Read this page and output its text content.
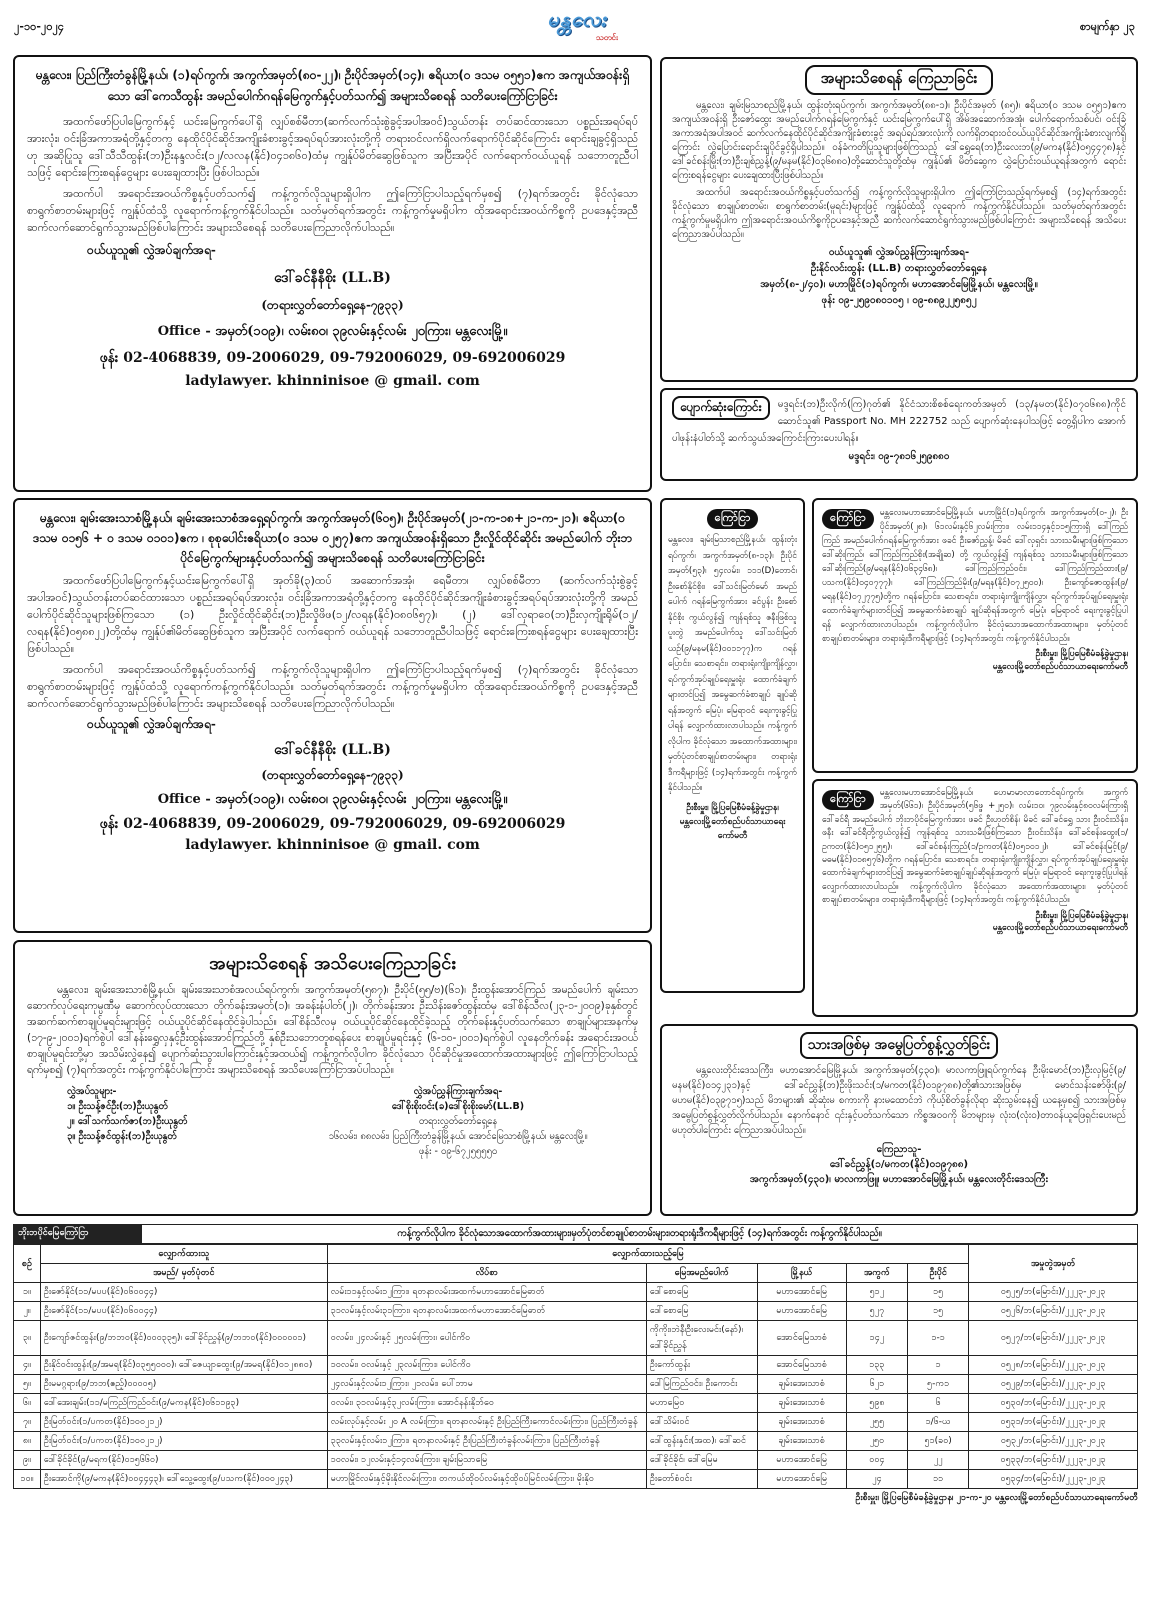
၂-၁၀-၂၀၂၄	မန္တလေး
သတင်း
စာမျက်နှာ ၂၃
မန္တလေး၊ ပြည်ကြီးတံခွန်မြို့နယ်၊ (၁)ရပ်ကွက်၊ အကွက်အမှတ်(၈၀-၂၂)၊ ဦးပိုင်အမှတ်(၁၄)၊ ဧရိယာ(၀ ဒသမ ၀၅၅၁)ဧက အကျယ်အဝန်းရှိသော ဒေါ်ကေသီထွန်း အမည်ပေါက်ဂရန်မြေကွက်နှင့်ပတ်သက်၍ အများသိစေရန် သတိပေးကြော်ငြာခြင်း
အထက်ဖော်ပြပါမြေကွက်နှင့် ယင်းမြေကွက်ပေါ်ရှိ လျှပ်စစ်မီတာ(ဆက်လက်သုံးစွဲခွင့်အပါအဝင်)သွယ်တန်း တပ်ဆင်ထားသော ပစ္စည်းအရပ်ရပ်အားလုံး၊ ဝင်းခြံအကာအရံတို့နှင့်တကွ နေထိုင်ပိုင်ဆိုင်အကျိုးခံစားခွင့်အရပ်ရပ်အားလုံးတို့ကို တရားဝင်လက်ရှိလက်ရောက်ပိုင်ဆိုင်ကြောင်း ရောင်းချခွင့်ရှိသည်ဟု အဆိုပြုသူ ဒေါ်သီသီထွန်း(ဘ)ဦးနန္ဒလင်း(၁၂/လလန(နိုင်)၀၄၁၈၆၀)ထံမှ ကျွန်ုပ်မိတ်ဆွေဖြစ်သူက အပြီးအပိုင် လက်ရောက်ဝယ်ယူရန် သဘောတူညီပါသဖြင့် ရောင်းကြေးစရန်ငွေများ ပေးချေထားပြီး ဖြစ်ပါသည်။
အထက်ပါ အရောင်းအဝယ်ကိစ္စနှင့်ပတ်သက်၍ ကန့်ကွက်လိုသူများရှိပါက ဤကြော်ငြာပါသည့်ရက်မှစ၍ (၇)ရက်အတွင်း ခိုင်လုံသော စာရွက်စာတမ်းများဖြင့် ကျွန်ုပ်ထံသို့ လူရောက်ကန့်ကွက်နိုင်ပါသည်။ သတ်မှတ်ရက်အတွင်း ကန့်ကွက်မှုမရှိပါက ထိုအရောင်းအဝယ်ကိစ္စကို ဥပဒေနှင့်အညီ ဆက်လက်ဆောင်ရွက်သွားမည်ဖြစ်ပါကြောင်း အများသိစေရန် သတိပေးကြေညာလိုက်ပါသည်။
ဝယ်ယူသူ၏ လွှဲအပ်ချက်အရ-
ဒေါ်ခင်နီနီစိုး (LL.B)
(တရားလွှတ်တော်ရှေ့နေ-၇၉၃၃)
Office - အမှတ်(၁၀၉)၊ လမ်း၈၀၊ ၃၉လမ်းနှင့်လမ်း ၂၀ကြား၊ မန္တလေးမြို့။
ဖုန်း 02-4068839, 09-2006029, 09-792006029, 09-692006029
ladylawyer. khinninisoe @ gmail. com
မန္တလေး၊ ချမ်းအေးသာစံမြို့နယ်၊ ချမ်းအေးသာစံအရှေ့ရပ်ကွက်၊ အကွက်အမှတ်(၆၀၅)၊ ဦးပိုင်အမှတ်(၂၁-က-၁၈+၂၁-က-၂၁)၊ ဧရိယာ(၀ ဒသမ ၀၁၅၆ + ၀ ဒသမ ၀၁၀၁)ဧက ၊ စုစုပေါင်းဧရိယာ(၀ ဒသမ ၀၂၅၇)ဧက အကျယ်အဝန်းရှိသော ဦးလှိုင်ထိုင်ဆိုင်း အမည်ပေါက် ဘိုးဘပိုင်မြေကွက်များနှင့်ပတ်သက်၍ အများသိစေရန် သတိပေးကြော်ငြာခြင်း
အထက်ဖော်ပြပါမြေကွက်နှင့်ယင်းမြေကွက်ပေါ်ရှိ အုတ်ခို(၃)ထပ် အဆောက်အအုံ၊ ရေမီတာ၊ လျှပ်စစ်မီတာ (ဆက်လက်သုံးစွဲခွင့်အပါအဝင်)သွယ်တန်းတပ်ဆင်ထားသော ပစ္စည်းအရပ်ရပ်အားလုံး၊ ဝင်းခြံအကာအရံတို့နှင့်တကွ နေထိုင်ပိုင်ဆိုင်အကျိုးခံစားခွင့်အရပ်ရပ်အားလုံးတို့ကို အမည်ပေါက်ပိုင်ဆိုင်သူများဖြစ်ကြသော (၁) ဦးလှိုင်ထိုင်ဆိုင်း(ဘ)ဦးလှိုဖိဖ(၁၂/လရန(နိုင်)၀၈၀၆၅၇)၊ (၂) ဒေါ်လှရာဝေ(ဘ)ဦးလှကျိုးရိုမ်(၁၂/လရန(နိုင်)၀၅၈၈၂၂)တို့ထံမှ ကျွန်ုပ်၏မိတ်ဆွေဖြစ်သူက အပြီးအပိုင် လက်ရောက် ဝယ်ယူရန် သဘောတူညီပါသဖြင့် ရောင်းကြေးစရန်ငွေများ ပေးချေထားပြီးဖြစ်ပါသည်။
အထက်ပါ အရောင်းအဝယ်ကိစ္စနှင့်ပတ်သက်၍ ကန့်ကွက်လိုသူများရှိပါက ဤကြော်ငြာပါသည့်ရက်မှစ၍ (၇)ရက်အတွင်း ခိုင်လုံသော စာရွက်စာတမ်းများဖြင့် ကျွန်ုပ်ထံသို့ လူရောက်ကန့်ကွက်နိုင်ပါသည်။ သတ်မှတ်ရက်အတွင်း ကန့်ကွက်မှုမရှိပါက ထိုအရောင်းအဝယ်ကိစ္စကို ဥပဒေနှင့်အညီ ဆက်လက်ဆောင်ရွက်သွားမည်ဖြစ်ပါကြောင်း အများသိစေရန် သတိပေးကြေညာလိုက်ပါသည်။
ဝယ်ယူသူ၏ လွှဲအပ်ချက်အရ-
ဒေါ်ခင်နီနီစိုး (LL.B)
(တရားလွှတ်တော်ရှေ့နေ-၇၉၃၃)
Office - အမှတ်(၁၀၉)၊ လမ်း၈၀၊ ၃၉လမ်းနှင့်လမ်း ၂၀ကြား၊ မန္တလေးမြို့။
ဖုန်း 02-4068839, 09-2006029, 09-792006029, 09-692006029
ladylawyer. khinninisoe @ gmail. com
အများသိစေရန် အသိပေးကြေညာခြင်း
မန္တလေး၊ ချမ်းအေးသာစံမြို့နယ်၊ ချမ်းအေးသာစံအလယ်ရပ်ကွက်၊ အကွက်အမှတ်(၅၈၇)၊ ဦးပိုင်(၅၅/ဗ)(၆၁)၊ ဦးထွန်းအောင်ကြည် အမည်ပေါက် ချမ်းသာဆောက်လုပ်ရေးကုမ္ပဏီမှ ဆောက်လုပ်ထားသော တိုက်ခန်းအမှတ်(၁)၊ အခန်းနံပါတ်(၂)၊ တိုက်ခန်းအား ဦးသိန်းဇော်ထွန်းထံမှ ဒေါ်စိန်သီလ(၂၃-၁-၂၀၀၉)ခုနှစ်တွင် အဆက်ဆက်စာချုပ်မူရင်းများဖြင့် ဝယ်ယူပိုင်ဆိုင်နေထိုင်ခဲ့ပါသည်။ ဒေါ်စိန်သီလမှ ဝယ်ယူပိုင်ဆိုင်နေထိုင်ခဲ့သည့် တိုက်ခန်းနှင့်ပတ်သက်သော စာချုပ်များအနက်မှ (၁၇-၉-၂၀၀၁)ရက်စွဲပါ ဒေါ်နန်းရွှေလှနှင့်ဦးထွန်းအောင်ကြည်တို့ နှစ်ဦးသဘောတူစရန်ပေး စာချုပ်မူရင်းနှင့် (၆-၁၀-၂၀၀၁)ရက်စွဲပါ လူနေတိုက်ခန်း အရောင်းအဝယ်စာချုပ်မူရင်းတို့မှာ အသိမ်းလွှဲနေ၍ ပျောက်ဆုံးသွားပါကြောင်းနှင့်အထယ်၍ ကန့်ကွက်လိုပါက ခိုင်လုံသော ပိုင်ဆိုင်မှုအထောက်အထားများဖြင့် ဤကြော်ငြာပါသည့်ရက်မှစ၍ (၇)ရက်အတွင်း ကန့်ကွက်နိုင်ပါကြောင်း အများသိစေရန် အသိပေးကြော်ငြာအပ်ပါသည်။
လွှဲအပ်သူများ-
၁။ ဦးသန့်ဇင်ဦး(ဘ)ဦးယုနွတ်
၂။ ဒေါ်သက်သက်ဇာ(ဘ)ဦးယုနွတ်
၃။ ဦးသန့်ဇင်ထွန်း(ဘ)ဦးယုနွတ်
လွှဲအပ်ညွှန်ကြားချက်အရ-
ဒေါ်စိုးစိုးဝင်း(ခ)ဒေါ်စိုးစိုးမော်(LL.B)
တရားလွှတ်တော်ရှေ့နေ
၁၆လမ်း၊ ၈၈လမ်း၊ ပြည်ကြီးတံခွန်မြို့နယ်၊ အောင်မြေသာစံမြို့နယ်၊ မန္တလေးမြို့။
ဖုန်း - ၀၉-၆၇၂၅၅၅၅၀
အများသိစေရန် ကြေညာခြင်း
မန္တလေး၊ ချမ်းမြသာစည်မြို့နယ်၊ ထွန်းတုံးရပ်ကွက်၊ အကွက်အမှတ်(၈၈-၁)၊ ဦးပိုင်အမှတ် (၈၅)၊ ဧရိယာ(၀ ဒသမ ၀၅၅၁)ဧက အကျယ်အဝန်းရှိ ဦးဇော်ထွေး အမည်ပေါက်ဂရန်မြေကွက်နှင့် ယင်းမြေကွက်ပေါ်ရှိ အိမ်အဆောက်အအုံ၊ ပေါက်ရောက်သစ်ပင်၊ ဝင်းခြံအကာအရံအပါအဝင် ဆက်လက်နေထိုင်ပိုင်ဆိုင်အကျိုးခံစားခွင့် အရပ်ရပ်အားလုံးကို လက်ရှိတရားဝင်ဝယ်ယူပိုင်ဆိုင်အကျိုးခံစားလျက်ရှိကြောင်း လွှဲပြောင်းရောင်းချပိုင်ခွင့်ရှိပါသည်။ ဝန်ခံကတိပြုသူများဖြစ်ကြသည့် ဒေါ်ရွှေရေ(ဘ)ဦးလေးဘ(၉/မကန(နိုင်)၀၅၄၄၇၈)နှင့် ဒေါ်ခင်စန်းမြိုး(ဘ)ဦးချစ်ညွှန့်(၉/မနမ(နိုင်)၀၃၆၈၈၀)တို့ဆောင်သူတို့ထံမှ ကျွန်ုပ်၏ မိတ်ဆွေက လွှဲပြောင်းဝယ်ယူရန်အတွက် ရောင်းကြေးစရန်ငွေများ ပေးချေထားပြီးဖြစ်ပါသည်။
အထက်ပါ အရောင်းအဝယ်ကိစ္စနှင့်ပတ်သက်၍ ကန့်ကွက်လိုသူများရှိပါက ဤကြော်ငြာသည့်ရက်မှစ၍ (၁၄)ရက်အတွင်း ခိုင်လုံသော စာချုပ်စာတမ်း၊ စာရွက်စာတမ်း(မူရင်း)များဖြင့် ကျွန်ုပ်ထံသို့ လူရောက် ကန့်ကွက်နိုင်ပါသည်။ သတ်မှတ်ရက်အတွင်း ကန့်ကွက်မှုမရှိပါက ဤအရောင်းအဝယ်ကိစ္စကိုဥပဒေနှင့်အညီ ဆက်လက်ဆောင်ရွက်သွားမည်ဖြစ်ပါကြောင်း အများသိစေရန် အသိပေးကြေညာအပ်ပါသည်။
ဝယ်ယူသူ၏ လွှဲအပ်ညွှန်ကြားချက်အရ-
ဦးနိုင်လင်းထွန်း (LL.B) တရားလွှတ်တော်ရှေ့နေ
အမှတ်(၈-၂/၄၀)၊ မဟာမြိုင်(၁)ရပ်ကွက်၊ မဟာအောင်မြေမြို့နယ်၊ မန္တလေးမြို့။
ဖုန်း ၀၉-၂၅၉၀၈၀၁၀၅ ၊ ၀၉-၈၈၉၂၂၅၈၅၂
ပျောက်ဆုံးကြောင်း	မဒ္ဒရင်း(ဘ)ဦးလိုက်(ကြ)ဂုတ်၏ နိုင်ငံသားစိစစ်ရေးကတ်အမှတ် (၁၃/နမတ(နိုင်)၀၇၀၆၈၈)ကိုင်ဆောင်သူ၏ Passport No. MH 222752 သည် ပျောက်ဆုံးနေပါသဖြင့် တွေ့ရှိပါက အောက်ပါဖုန်းနံပါတ်သို့ ဆက်သွယ်အကြောင်းကြားပေးပါရန်။
မဒ္ဒရင်း၊ ၀၉-၇၈၁၆၂၅၉၈၈၀
ကြော်ငြာ
မန္တလေး၊ ချမ်းမြသာစည်မြို့နယ်၊ ထွန်းတုံးရပ်ကွက်၊ အကွက်အမှတ်(၈-၁၃)၊ ဦးပိုင်အမှတ်(၅၃)၊ ၅၄လမ်း၊ ၁၁၁(D)တောင်၊ ဦးစော်နိုင်စိုး၊ ဒေါ်သင်းမြတ်မော် အမည်ပေါက် ဂရန်မြေကွက်အား ခင်ပွန်း ဦးစော်နိုင်စိုး ကွယ်လွန်၍ ကျန်ရစ်သူ ဇနီးဖြစ်သူ ပူးတွဲ အမည်ပေါက်သူ ဒေါ်သင်းမြတ်ယဉ်(၉/မနမ(နိုင်)၀၀၁၁၇၇)က ဂရန်ပြောင်း၊ သေစာရင်း၊ တရားရုံးကျိုးကျိန်လွှာ၊ ရပ်ကွက်အုပ်ချုပ်ရေးမှူးရုံး ထောက်ခံချက်များတင်ပြ၍ အမွေဆက်ခံစာချုပ် ချုပ်ဆိုရန်အတွက် မြေပုံ၊ မြေရာဝင် ရေးကူးခွင့်ပြုပါရန် လျှောက်ထားလာပါသည်။ ကန့်ကွက်လိုပါက ခိုင်လုံသော အထောက်အထားများ၊ မှတ်ပုံတင်စာချုပ်စာတမ်းများ၊ တရားရုံး ဒီကရီများဖြင့် (၁၄)ရက်အတွင်း ကန့်ကွက်နိုင်ပါသည်။
ဦးစီးမှူး၊ မြို့ပြမြေစီမံခန့်ခွဲမှုဌာန၊
မန္တလေးမြို့တော်စည်ပင်သာယာရေးကော်မတီ
ကြော်ငြာ	မန္တလေးမဟာအောင်မြေမြို့နယ်၊ မဟာမြိုင်(၁)ရပ်ကွက်၊ အကွက်အမှတ်(၀-၂)၊ ဦးပိုင်အမှတ်(၂၈)၊ ၆၁လမ်းနှင့်၆၂လမ်းကြား၊ လမ်း၁၁၄နှင့်၁၁၅ကြားရှိ ဒေါ်ကြည်ကြည် အမည်ပေါက်ဂရန်မြေကွက်အား ဖခင် ဦးဇော်ညွှန့်၊ မိခင် ဒေါ်လှရှင်း သားသမီးများဖြစ်ကြသော ဒေါ်ဆိုးကြည်၊ ဒေါ်ကြည်ကြည်စိုး(အချိုဆ) တို့ ကွယ်လွန်၍ ကျန်ရစ်သူ သားသမီးများဖြစ်ကြသော ဒေါ်ဆိုးကြည်(၉/မရန(နိုင်)၀၆၃၄၆၈)၊ ဒေါ်ကြည်ကြည်ဝင်း၊ ဒေါ်ကြည်ကြည်ထား(၉/ပသက(နိုင်)၀၄၀၇၇၇)၊ ဒေါ်ကြည်ကြည်မိုး(၉/မရန(နိုင်)၀၇၂၅၀၀)၊ ဦးကျော်ဇောထွန်း(၉/မရန(နိုင်)၀၇၂၇၇၅)တို့က ဂရန်ပြောင်း၊ သေစာရင်း၊ တရားရုံးကျိုးကျိန်လွှာ၊ ရပ်ကွက်အုပ်ချုပ်ရေးမှူးရုံး ထောက်ခံချက်များတင်ပြ၍ အမွေဆက်ခံစာချုပ် ချုပ်ဆိုရန်အတွက် မြေပုံ၊ မြေရာဝင် ရေးကူးခွင့်ပြုပါရန် လျှောက်ထားလာပါသည်။ ကန့်ကွက်လိုပါက ခိုင်လုံသောအထောက်အထားများ၊ မှတ်ပုံတင်စာချုပ်စာတမ်းများ၊ တရားရုံးဒီကရီများဖြင့် (၁၄)ရက်အတွင်း ကန့်ကွက်နိုင်ပါသည်။
ဦးစီးမှူး၊ မြို့ပြမြေစီမံခန့်ခွဲမှုဌာန၊
မန္တလေးမြို့တော်စည်ပင်သာယာရေးကော်မတီ
ကြော်ငြာ	မန္တလေးမဟာအောင်မြေမြို့နယ်၊ ဟေမာမာလာတောင်ရပ်ကွက်၊ အကွက်အမှတ်(၆၆၁)၊ ဦးပိုင်အမှတ်(၅၆ဖ္ဖ +၂၅ဝ)၊ လမ်း၁၀၊ ၇၉လမ်းနှင့်၈၀လမ်းကြားရှိ ဒေါ်ခင်ရီ အမည်ပေါက် ဘိုးဘပိုင်မြေကွက်အား ဖခင် ဦးဟုတ်စိန်၊ မိခင် ဒေါ်ခင်ရွှေ သား ဦးဝင်းသိန်း၊ ဖနီး ဒေါ်ခင်ရီတို့ကွယ်လွန်၍ ကျန်ရစ်သူ သားသမီးဖြစ်ကြသော ဦးဝင်းသိန်း၊ ဒေါ်ခင်စန်းထွေး(၁/ဥကတ(နိုင်)၀၅၁၂၅၅)၊ ဒေါ်ခင်စန်းကြည်(၁/ဥကတ(နိုင်)၀၅၁၀၁၂)၊ ဒေါ်ခင်စန်းမြင့်(၉/မဓမ(နိုင်)၀၁၈၅၇၆)တို့က ဂရန်ပြောင်း၊ သေစာရင်း၊ တရားရုံးကျိုးကျိန်လွှာ၊ ရပ်ကွက်အုပ်ချုပ်ရေးမှူးရုံး ထောက်ခံချက်များတင်ပြ၍ အမွေဆက်ခံစာချုပ်ချုပ်ဆိုရန်အတွက် မြေပုံ၊ မြေရာဝင် ရေးကူးခွင့်ပြုပါရန် လျှောက်ထားလာပါသည်။ ကန့်ကွက်လိုပါက ခိုင်လုံသော အထောက်အထားများ၊ မှတ်ပုံတင်စာချုပ်စာတမ်းများ၊ တရားရုံးဒီကရီများဖြင့် (၁၄)ရက်အတွင်း ကန့်ကွက်နိုင်ပါသည်။
ဦးစီးမှူး၊ မြို့ပြမြေစီမံခန့်ခွဲမှုဌာန၊
မန္တလေးမြို့တော်စည်ပင်သာယာရေးကော်မတီ
သားအဖြစ်မှ အမွေပြတ်စွန့်လွှတ်ခြင်း
မန္တလေးတိုင်းဒေသကြီး၊ မဟာအောင်မြေမြို့နယ်၊ အကွက်အမှတ်(၄၃၀)၊ မာလကာဖြူရပ်ကွက်နေ ဦးမိုးမောင်(ဘ)ဦးလှမြင့်(၉/မနမ(နိုင်)၀၁၄၂၃၁)နှင့် ဒေါ်ခင်ညွှန့်(ဘ)ဦးဖိုးသင်း(၁/မကတ(နိုင်)၀၁၉၇၈၈)တို့၏သားအဖြစ်မှ မောင်သန်းဇော်ဖိုး(၉/မဟမ(နိုင်)၀၃၉၇၁၅)သည် မိဘများ၏ ဆိုဆုံးမ စကားကို နားမထောင်ဘဲ ကိုယ့်စိတ်ခွန်လိုရာ ဆိုးသွမ်းနေ၍ ယနေ့မှစ၍ သားအဖြစ်မှ အမွေပြတ်စွန့်လွှတ်လိုက်ပါသည်။ နောက်နောင် ၎င်းနှင့်ပတ်သက်သော ကိစ္စအဝဝကို မိဘများမှ လုံးဝ(လုံး၀)တာဝန်ယူဖြေရှင်းပေးမည်မဟုတ်ပါကြောင်း ကြေညာအပ်ပါသည်။
ကြေညာသူ-
ဒေါ်ခင်ညွှန့်(၁/မကတ(နိုင်)၀၁၉၇၈၈)
အကွက်အမှတ်(၄၃၀)၊ မာလကာဖြူ၊ မဟာအောင်မြေမြို့နယ်၊ မန္တလေးတိုင်းဒေသကြီး
ဘိုးဘပိုင်မြေကြော်ငြာ	ကန့်ကွက်လိုပါက ခိုင်လုံသောအထောက်အထားများ၊မှတ်ပုံတင်စာချုပ်စာတမ်းများ၊တရားရုံးဒီကရီများဖြင့် (၁၄)ရက်အတွင်း ကန့်ကွက်နိုင်ပါသည်။
စဉ်	လျှောက်ထားသူ	လျှောက်ထားသည့်မြေ					အမှုတွဲအမှတ်
	အမည်/ မှတ်ပုံတင်	လိပ်စာ	မြေအမည်ပေါက်	မြို့နယ်	အကွက်	ဦးပိုင်	
၁။	ဦးဇော်နိုင်(၁၁/မပပ(နိုင်)၀၆၀၀၄၄)	လမ်း၁၁နှင့်လမ်း၁၂ကြား၊ ရတနာလမ်းအထက်မဟာအောင်မြေဓာတ်	ဒေါ်စောမြေ	မဟာအောင်မြေ	၅၁၂	၁၅	၀၅၂၅/ဘ(မြောင်း)/၂၂၂၃-၂၀၂၃
၂။	ဦးဇော်နိုင်(၁၁/မပပ(နိုင်)၀၆၀၀၄၄)	၃၁လမ်းနှင့်လမ်း၃၁ကြား၊ ရတနာလမ်းအထက်မဟာအောင်မြေဓာတ်	ဒေါ်စောမြေ	မဟာအောင်မြေ	၅၂၇	၁၅	၀၅၂၆/ဘ(မြောင်း)/၂၂၂၃-၂၀၂၃
၃။	ဦးကျော်ဇင်ထွန်း(၉/ဘဘဝ(နိုင်)၀၀၀၃၃၅)၊ ဒေါ်ခိုင်ညွှန်(၉/ဘဘဝ(နိုင်)၀၀၀၀၀၁)	ဝလမ်း၊ ၂၄လမ်းနှင့် ၂၅လမ်းကြား၊ ပေါင်ကိဝ	ကိုကိုး၊ဘဲနီ၊ဦးလေးမင်း(နော်)၊ ဒေါ်ခိုင်ညွှန်	အောင်မြေသာစံ	၁၄၂	၁-၁	၀၅၂၇/ဘ(မြောင်း)/၂၂၂၃-၂၀၂၃
၄။	ဦးနိုင်ဝင်းထွန်း(၉/အမရ(နိုင်)၀၃၅၅၀၀၀)၊ ဒေါ်ဇေယျာထွေး(၉/အမရ(နိုင်)၀၁၂၈၈၀)	၁၀လမ်း၊ ဝလမ်းနှင့် ၂၃လမ်းကြား၊ ပေါင်ကိဝ	ဦးကော်ထွန်း	အောင်မြေသာစံ	၁၃၃	၁	၀၅၂၈/ဘ(မြောင်း)/၂၂၂၃-၂၀၂၃
၅။	ဦးမမဂ္ဂရား(၉/ဘဘ(ဧည့်)၀၀၀၀၅)	၂၄လမ်းနှင့်လမ်း၁၂ကြား၊ ၂၁လမ်း၊ ပေါ်ဘာမ	ဒေါ်မြကြည်ဝင်း၊ ဦးကောင်း	ချမ်းအေးသာစံ	၆၂၁	၅-က၁	၀၅၂၉/ဘ(မြောင်း)/၂၂၂၃-၂၀၂၃
၆။	ဒေါ်အေးချမ်း(၁၁/မကြည်ကြည်ဝင်း(၉/မကန(နိုင်)၀၆၁၁၉၃)	ဝလမ်း၊ ၃၁လမ်းနှင့်၃၂လမ်းကြား၊ အောင်နန်းနိုဘ်ဝေ	မဟာမြေဝ	ချမ်းအေးသာစံ	၅၉၈	၆	၀၅၃၀/ဘ(မြောင်း)/၂၂၂၃-၂၀၂၃
၇။	ဦးမြတ်ဝင်း(၁/ပကတ(နိုင်)၁၀၀၂၁၂)	လမ်းလုပ်နှင့်လမ်း ၂၀ A လမ်းကြား၊ ရတနာလမ်းနှင့် ဦးပြည်ကြီးကောင်လမ်းကြား၊ ပြည်ကြီးတံခွန်	ဒေါ်သိမ်းဝင်	ချမ်းအေးသာစံ	၂၅၅	၁/၆-ယ	၀၅၃၁/ဘ(မြောင်း)/၂၂၂၃-၂၀၂၃
၈။	ဦးမြတ်ဝင်း(၁/ပကတ(နိုင်)၁၀၀၂၁၂)	၃၃လမ်းနှင့်လမ်း၁၂ကြား၊ ရတနာလမ်းနှင့် ဦးပြည်ကြီးတံခွန်လမ်းကြား၊ ပြည်ကြီးတံခွန်	ဒေါ်ထွန်းနှင်း(အထ)၊ ဒေါ်ဆင်	ချမ်းအေးသာစံ	၂၅၀	၅၁(ခ၀)	၀၅၃၂/ဘ(မြောင်း)/၂၂၂၃-၂၀၂၃
၉။	ဒေါ်ခိုင်ခိုင်(၉/မရက(နိုင်)၀၁၅၆၆၀)	၁၀လမ်း၊ ၁၂လမ်းနှင့်၁၄လမ်းကြား၊ ချမ်းမြသာမြေ	ဒေါ်ခိုင်ခိုင်၊ ဒေါ်မြေမ	မဟာအောင်မြေ	၀၀၄	၂၂	၀၅၃၃/ဘ(မြောင်း)/၂၂၂၃-၂၀၂၃
၁၀။	ဦးအောင်ကို(၉/မကန(နိုင်)၀၀၄၄၄၃)၊ ဒေါ်သွေ့ထွေး(၉/ပသက(နိုင်)၀၀၀၂၄၃)	မဟာမြိုင်လမ်းနှင့်မိုးနိုင်လမ်းကြား၊ တကယ်ထိုဝပ်လမ်းနှင့်ထိုဝပ်မြင်လမ်းကြား၊ မိုးနိုဝ	ဦးတော်စံဝင်း	မဟာအောင်မြေ	၂၄	၁၁	၀၅၃၄/ဘ(မြောင်း)/၂၂၂၃-၂၀၂၃
ဦးစီးမှူး၊ မြို့ပြမြေစီမံခန့်ခွဲမှုဌာန၊ ၂၁-က-၂၀ မန္တလေးမြို့တော်စည်ပင်သာယာရေးကော်မတီ
